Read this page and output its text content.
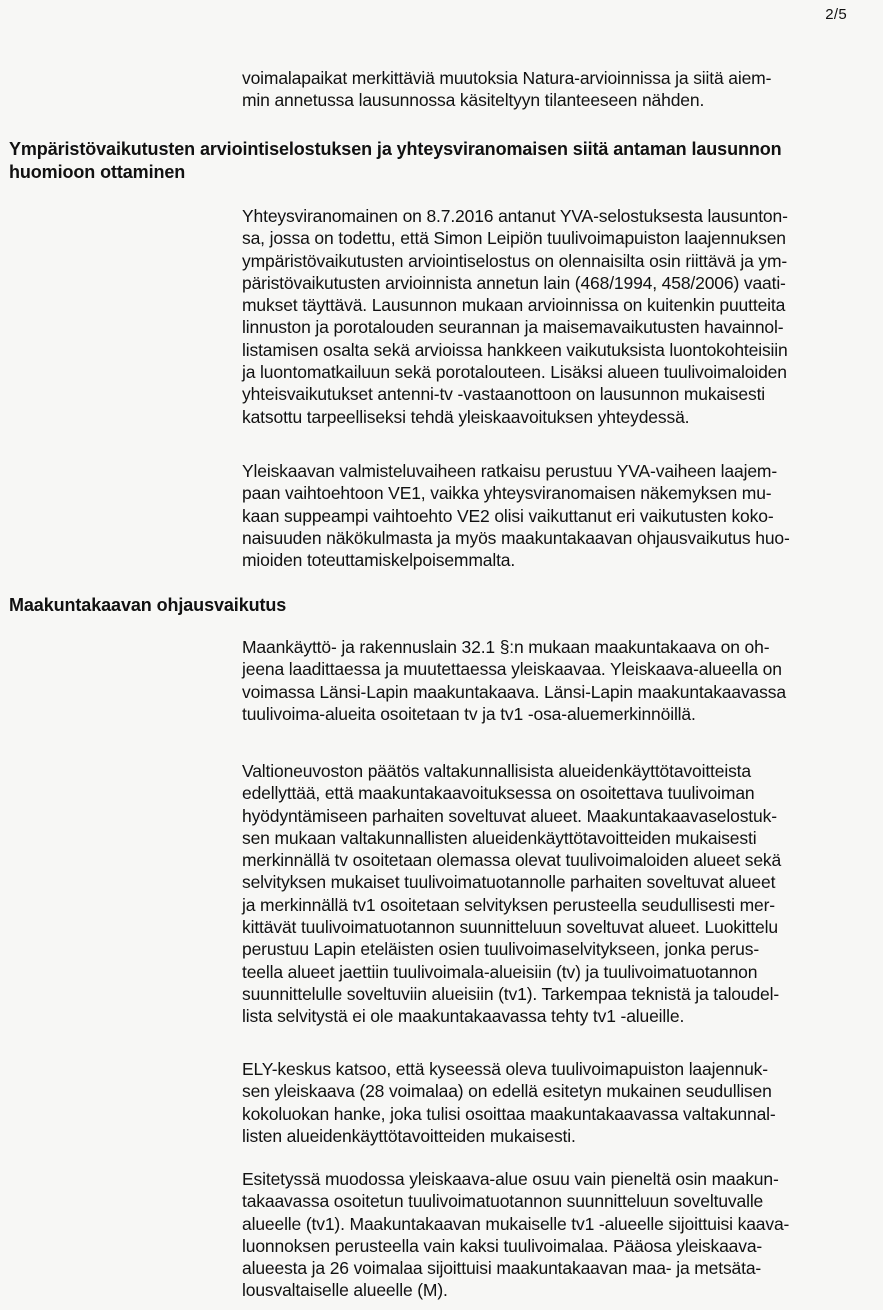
2/5

voimalapaikat merkittäviä muutoksia Natura-arvioinnissa ja siitä aiem-
min annetussa lausunnossa käsiteltyyn tilanteeseen nähden.

Ympäristövaikutusten arviointiselostuksen ja yhteysviranomaisen siitä antaman lausunnon
huomioon ottaminen

Yhteysviranomainen on 8.7.2016 antanut YVA-selostuksesta lausunton-
sa, jossa on todettu, että Simon Leipiön tuulivoimapuiston laajennuksen
ympäristövaikutusten arviointiselostus on olennaisilta osin riittävä ja ym-
päristövaikutusten arvioinnista annetun lain (468/1994, 458/2006) vaati-
mukset täyttävä. Lausunnon mukaan arvioinnissa on kuitenkin puutteita
linnuston ja porotalouden seurannan ja maisemavaikutusten havainnol-
listamisen osalta sekä arvioissa hankkeen vaikutuksista luontokohteisiin
ja luontomatkailuun sekä porotalouteen. Lisäksi alueen tuulivoimaloiden
yhteisvaikutukset antenni-tv -vastaanottoon on lausunnon mukaisesti
katsottu tarpeelliseksi tehdä yleiskaavoituksen yhteydessä.

Yleiskaavan valmisteluvaiheen ratkaisu perustuu YVA-vaiheen laajem-
paan vaihtoehtoon VE1, vaikka yhteysviranomaisen näkemyksen mu-
kaan suppeampi vaihtoehto VE2 olisi vaikuttanut eri vaikutusten koko-
naisuuden näkökulmasta ja myös maakuntakaavan ohjausvaikutus huo-
mioiden toteuttamiskelpoisemmalta.

Maakuntakaavan ohjausvaikutus

Maankäyttö- ja rakennuslain 32.1 §:n mukaan maakuntakaava on oh-
jeena laadittaessa ja muutettaessa yleiskaavaa. Yleiskaava-alueella on
voimassa Länsi-Lapin maakuntakaava. Länsi-Lapin maakuntakaavassa
tuulivoima-alueita osoitetaan tv ja tv1 -osa-aluemerkinnöillä.

Valtioneuvoston päätös valtakunnallisista alueidenkäyttötavoitteista
edellyttää, että maakuntakaavoituksessa on osoitettava tuulivoiman
hyödyntämiseen parhaiten soveltuvat alueet. Maakuntakaavaselostuk-
sen mukaan valtakunnallisten alueidenkäyttötavoitteiden mukaisesti
merkinnällä tv osoitetaan olemassa olevat tuulivoimaloiden alueet sekä
selvityksen mukaiset tuulivoimatuotannolle parhaiten soveltuvat alueet
ja merkinnällä tv1 osoitetaan selvityksen perusteella seudullisesti mer-
kittävät tuulivoimatuotannon suunnitteluun soveltuvat alueet. Luokittelu
perustuu Lapin eteläisten osien tuulivoimaselvitykseen, jonka perus-
teella alueet jaettiin tuulivoimala-alueisiin (tv) ja tuulivoimatuotannon
suunnittelulle soveltuviin alueisiin (tv1). Tarkempaa teknistä ja taloudel-
lista selvitystä ei ole maakuntakaavassa tehty tv1 -alueille.

ELY-keskus katsoo, että kyseessä oleva tuulivoimapuiston laajennuk-
sen yleiskaava (28 voimalaa) on edellä esitetyn mukainen seudullisen
kokoluokan hanke, joka tulisi osoittaa maakuntakaavassa valtakunnal-
listen alueidenkäyttötavoitteiden mukaisesti.

Esitetyssä muodossa yleiskaava-alue osuu vain pieneltä osin maakun-
takaavassa osoitetun tuulivoimatuotannon suunnitteluun soveltuvalle
alueelle (tv1). Maakuntakaavan mukaiselle tv1 -alueelle sijoittuisi kaava-
luonnoksen perusteella vain kaksi tuulivoimalaa. Pääosa yleiskaava-
alueesta ja 26 voimalaa sijoittuisi maakuntakaavan maa- ja metsäta-
lousvaltaiselle alueelle (M).
